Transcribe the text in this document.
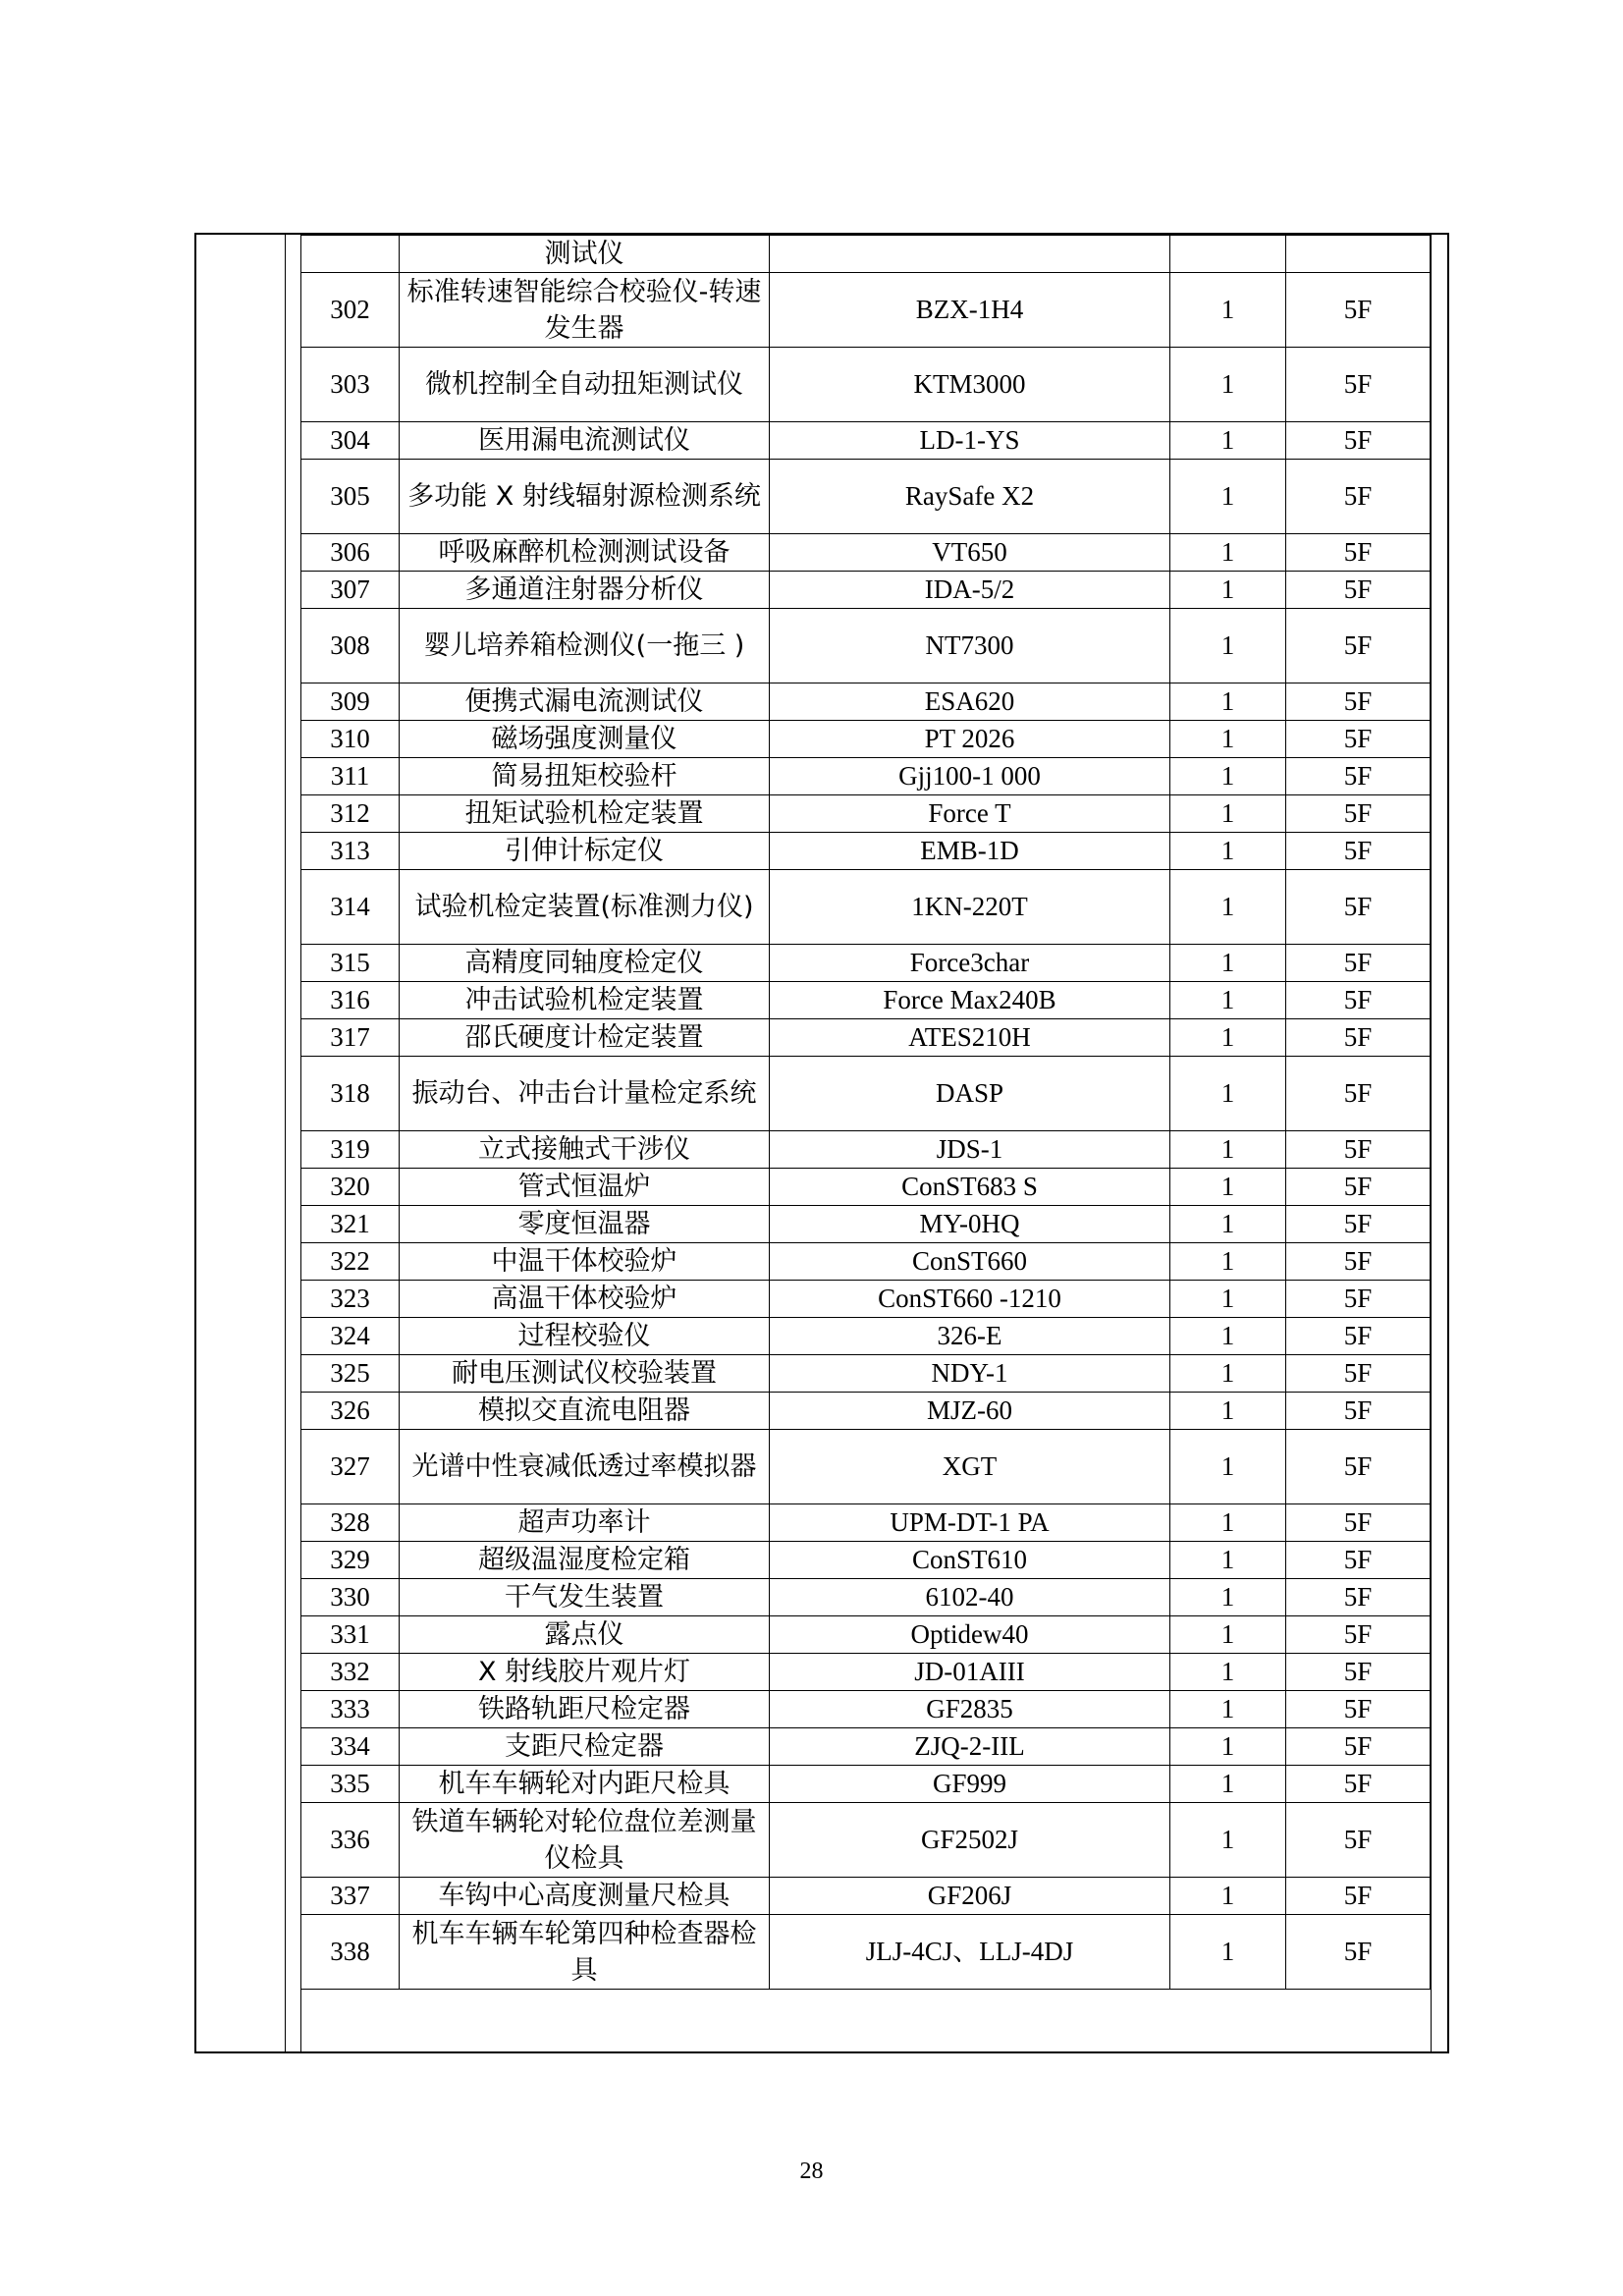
	测试仪			
302	标准转速智能综合校验仪-转速发生器	BZX-1H4	1	5F
303	微机控制全自动扭矩测试仪	KTM3000	1	5F
304	医用漏电流测试仪	LD-1-YS	1	5F
305	多功能 X 射线辐射源检测系统	RaySafe X2	1	5F
306	呼吸麻醉机检测测试设备	VT650	1	5F
307	多通道注射器分析仪	IDA-5/2	1	5F
308	婴儿培养箱检测仪(一拖三 )	NT7300	1	5F
309	便携式漏电流测试仪	ESA620	1	5F
310	磁场强度测量仪	PT 2026	1	5F
311	简易扭矩校验杆	Gjj100-1 000	1	5F
312	扭矩试验机检定装置	Force T	1	5F
313	引伸计标定仪	EMB-1D	1	5F
314	试验机检定装置(标准测力仪)	1KN-220T	1	5F
315	高精度同轴度检定仪	Force3char	1	5F
316	冲击试验机检定装置	Force Max240B	1	5F
317	邵氏硬度计检定装置	ATES210H	1	5F
318	振动台、冲击台计量检定系统	DASP	1	5F
319	立式接触式干涉仪	JDS-1	1	5F
320	管式恒温炉	ConST683 S	1	5F
321	零度恒温器	MY-0HQ	1	5F
322	中温干体校验炉	ConST660	1	5F
323	高温干体校验炉	ConST660 -1210	1	5F
324	过程校验仪	326-E	1	5F
325	耐电压测试仪校验装置	NDY-1	1	5F
326	模拟交直流电阻器	MJZ-60	1	5F
327	光谱中性衰减低透过率模拟器	XGT	1	5F
328	超声功率计	UPM-DT-1 PA	1	5F
329	超级温湿度检定箱	ConST610	1	5F
330	干气发生装置	6102-40	1	5F
331	露点仪	Optidew40	1	5F
332	X 射线胶片观片灯	JD-01AIII	1	5F
333	铁路轨距尺检定器	GF2835	1	5F
334	支距尺检定器	ZJQ-2-IIL	1	5F
335	机车车辆轮对内距尺检具	GF999	1	5F
336	铁道车辆轮对轮位盘位差测量仪检具	GF2502J	1	5F
337	车钩中心高度测量尺检具	GF206J	1	5F
338	机车车辆车轮第四种检查器检具	JLJ-4CJ、LLJ-4DJ	1	5F
28
